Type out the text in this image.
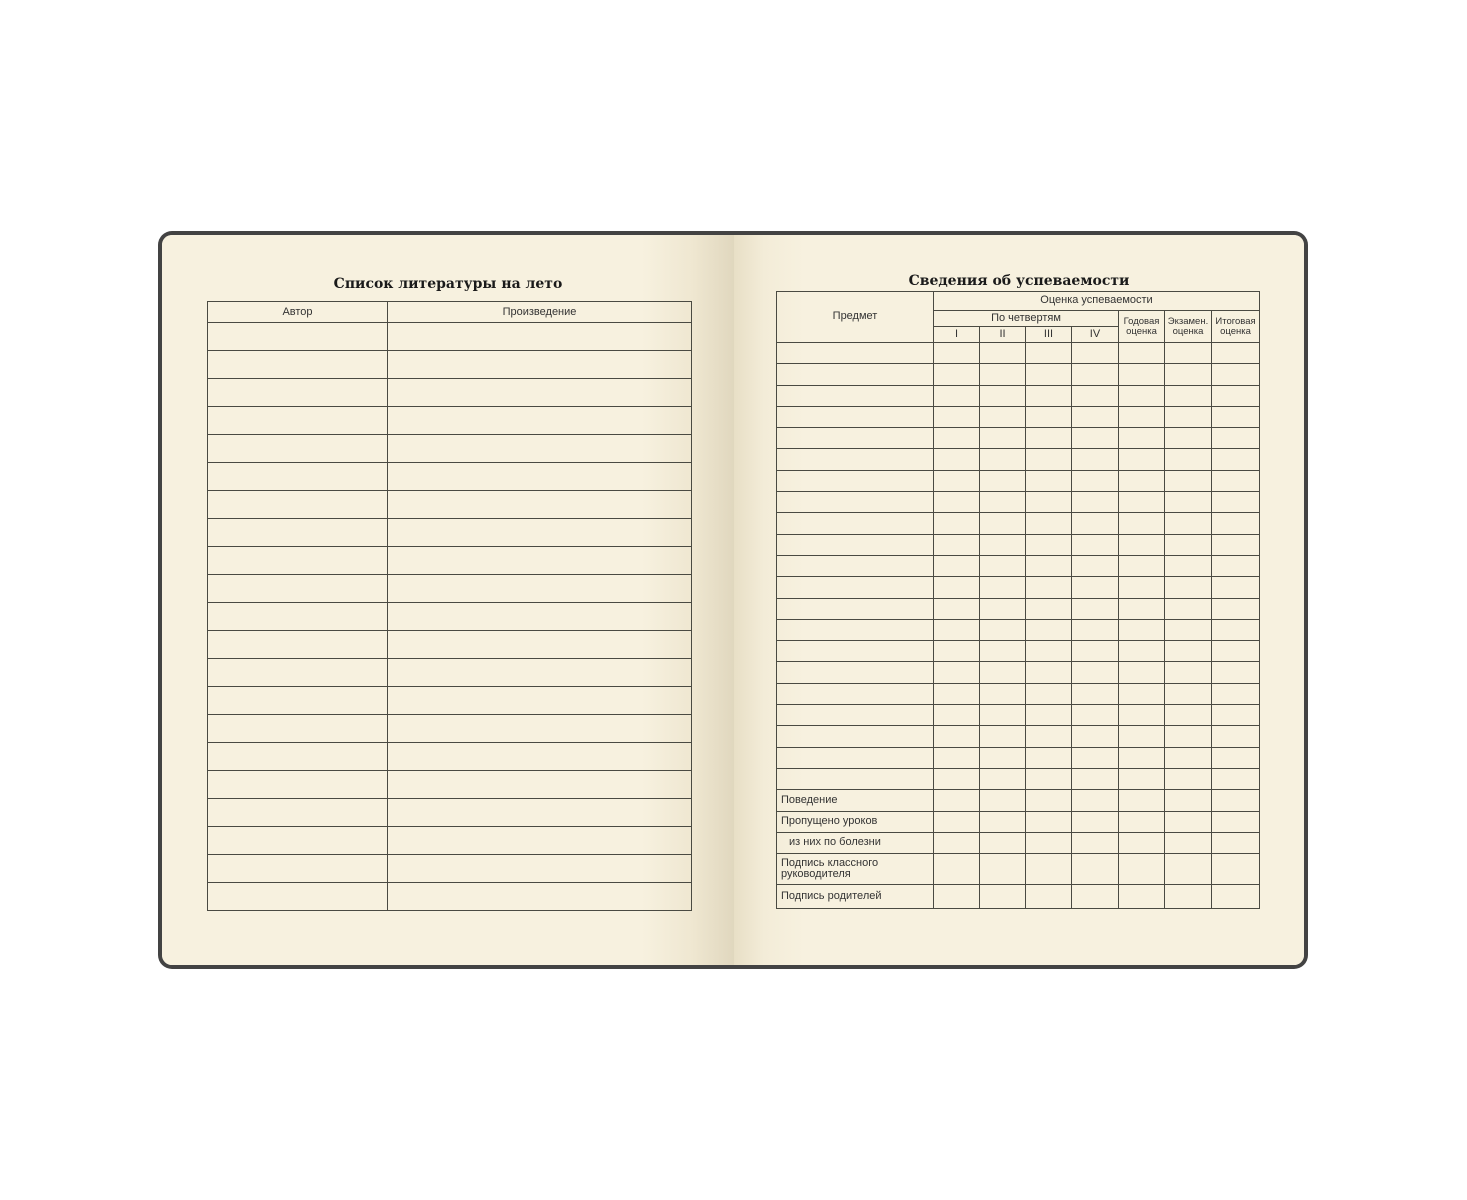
Список литературы на лето
Автор	Произведение

Сведения об успеваемости
Предмет	Оценка успеваемости						
	По четвертям				Годовая оценка	Экзамен. оценка	Итоговая оценка
	I	II	III	IV			

Поведение							
Пропущено уроков							
из них по болезни							
Подпись классного руководителя							
Подпись родителей							
